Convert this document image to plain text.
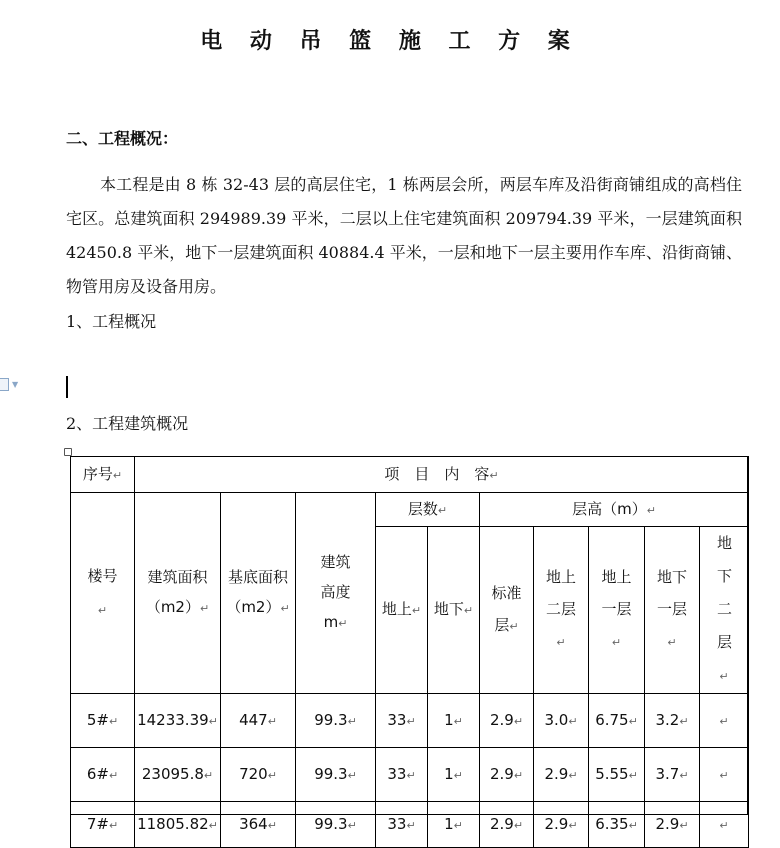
电 动 吊 篮 施 工 方 案
二、工程概况：
本工程是由 8 栋 32-43 层的高层住宅，1 栋两层会所，两层车库及沿街商铺组成的高档住宅区。总建筑面积 294989.39 平米，二层以上住宅建筑面积 209794.39 平米，一层建筑面积 42450.8 平米，地下一层建筑面积 40884.4 平米，一层和地下一层主要用作车库、沿街商铺、物管用房及设备用房。
1、工程概况
▼
2、工程建筑概况
序号↵	项　目　内　容↵									

楼号↵	建筑面积（m2）↵	基底面积（m2）↵	建筑高度m↵	层数↵		层高（m）↵				
				地上↵	地下↵	标准层↵	地上二层↵	地上一层↵	地下一层↵	地下二层↵

5#↵	14233.39↵	447↵	99.3↵	33↵	1↵	2.9↵	3.0↵	6.75↵	3.2↵	↵
6#↵	23095.8↵	720↵	99.3↵	33↵	1↵	2.9↵	2.9↵	5.55↵	3.7↵	↵
7#↵	11805.82↵	364↵	99.3↵	33↵	1↵	2.9↵	2.9↵	6.35↵	2.9↵	↵
